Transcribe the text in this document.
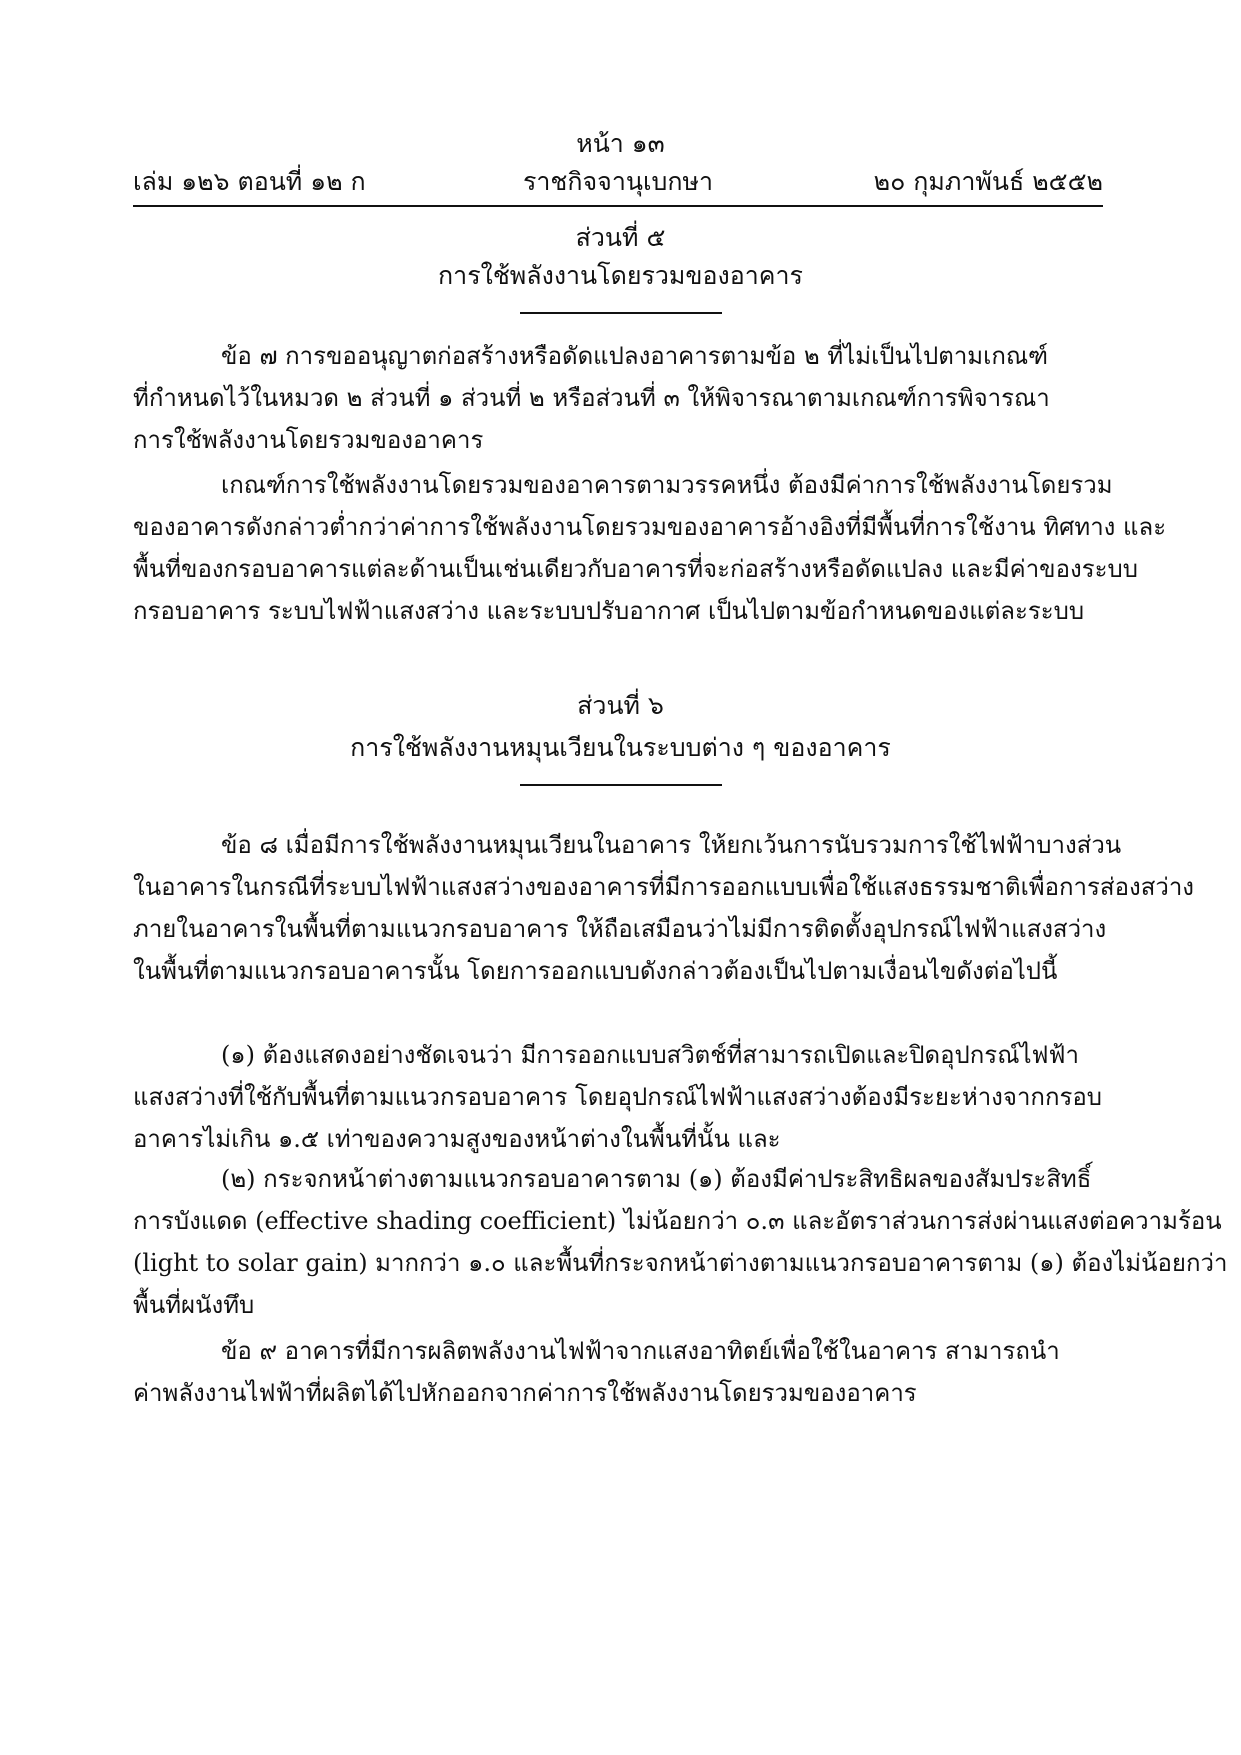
หน้า ๑๓
ราชกิจจานุเบกษา
เล่ม ๑๒๖ ตอนที่ ๑๒ ก	๒๐ กุมภาพันธ์ ๒๕๕๒
ส่วนที่ ๕
การใช้พลังงานโดยรวมของอาคาร
ข้อ ๗ การขออนุญาตก่อสร้างหรือดัดแปลงอาคารตามข้อ ๒ ที่ไม่เป็นไปตามเกณฑ์
ที่กำหนดไว้ในหมวด ๒ ส่วนที่ ๑ ส่วนที่ ๒ หรือส่วนที่ ๓ ให้พิจารณาตามเกณฑ์การพิจารณา
การใช้พลังงานโดยรวมของอาคาร
เกณฑ์การใช้พลังงานโดยรวมของอาคารตามวรรคหนึ่ง ต้องมีค่าการใช้พลังงานโดยรวม
ของอาคารดังกล่าวต่ำกว่าค่าการใช้พลังงานโดยรวมของอาคารอ้างอิงที่มีพื้นที่การใช้งาน ทิศทาง และ
พื้นที่ของกรอบอาคารแต่ละด้านเป็นเช่นเดียวกับอาคารที่จะก่อสร้างหรือดัดแปลง และมีค่าของระบบ
กรอบอาคาร ระบบไฟฟ้าแสงสว่าง และระบบปรับอากาศ เป็นไปตามข้อกำหนดของแต่ละระบบ
ส่วนที่ ๖
การใช้พลังงานหมุนเวียนในระบบต่าง ๆ ของอาคาร
ข้อ ๘ เมื่อมีการใช้พลังงานหมุนเวียนในอาคาร ให้ยกเว้นการนับรวมการใช้ไฟฟ้าบางส่วน
ในอาคารในกรณีที่ระบบไฟฟ้าแสงสว่างของอาคารที่มีการออกแบบเพื่อใช้แสงธรรมชาติเพื่อการส่องสว่าง
ภายในอาคารในพื้นที่ตามแนวกรอบอาคาร ให้ถือเสมือนว่าไม่มีการติดตั้งอุปกรณ์ไฟฟ้าแสงสว่าง
ในพื้นที่ตามแนวกรอบอาคารนั้น โดยการออกแบบดังกล่าวต้องเป็นไปตามเงื่อนไขดังต่อไปนี้
(๑) ต้องแสดงอย่างชัดเจนว่า มีการออกแบบสวิตช์ที่สามารถเปิดและปิดอุปกรณ์ไฟฟ้า
แสงสว่างที่ใช้กับพื้นที่ตามแนวกรอบอาคาร โดยอุปกรณ์ไฟฟ้าแสงสว่างต้องมีระยะห่างจากกรอบ
อาคารไม่เกิน ๑.๕ เท่าของความสูงของหน้าต่างในพื้นที่นั้น และ
(๒) กระจกหน้าต่างตามแนวกรอบอาคารตาม (๑) ต้องมีค่าประสิทธิผลของสัมประสิทธิ์
การบังแดด (effective shading coefficient) ไม่น้อยกว่า ๐.๓ และอัตราส่วนการส่งผ่านแสงต่อความร้อน
(light to solar gain) มากกว่า ๑.๐ และพื้นที่กระจกหน้าต่างตามแนวกรอบอาคารตาม (๑) ต้องไม่น้อยกว่า
พื้นที่ผนังทึบ
ข้อ ๙ อาคารที่มีการผลิตพลังงานไฟฟ้าจากแสงอาทิตย์เพื่อใช้ในอาคาร สามารถนำ
ค่าพลังงานไฟฟ้าที่ผลิตได้ไปหักออกจากค่าการใช้พลังงานโดยรวมของอาคาร
